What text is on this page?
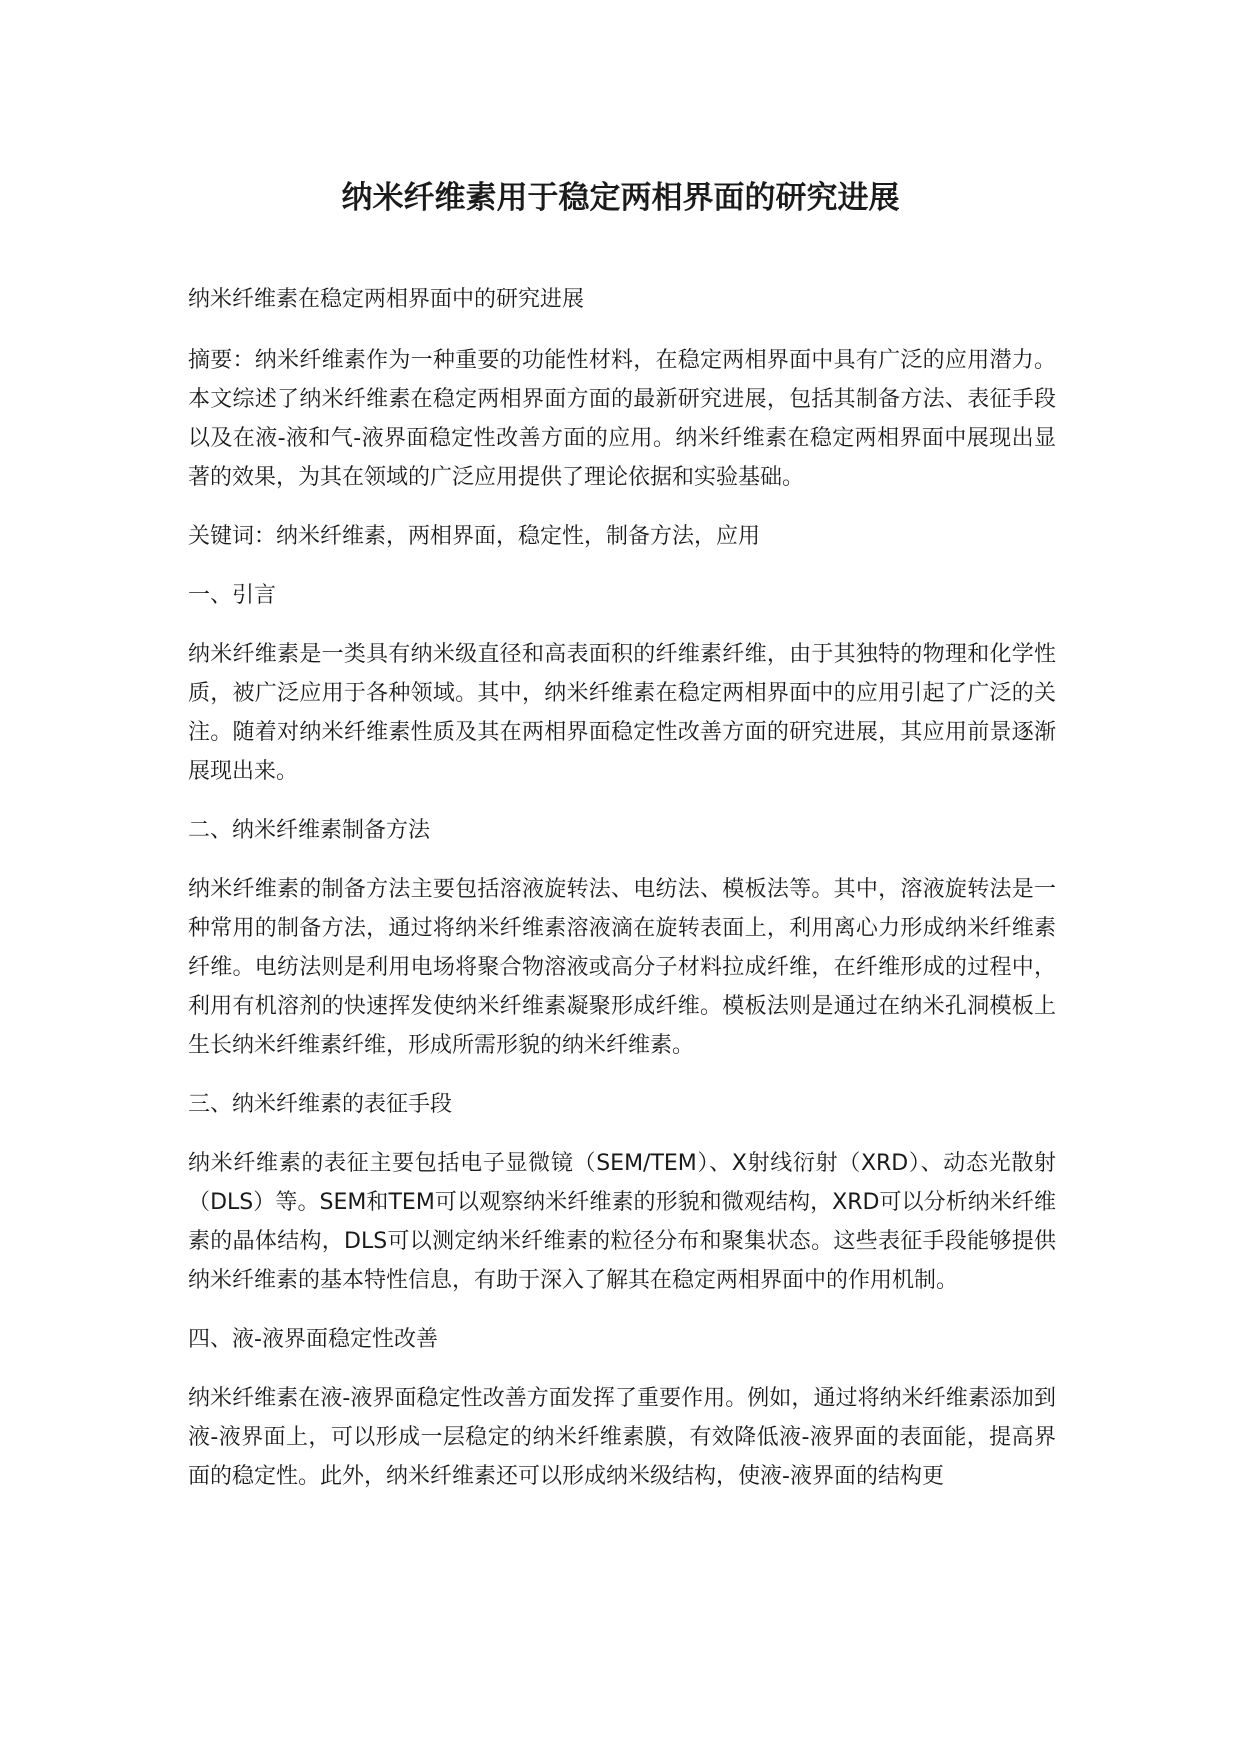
纳米纤维素用于稳定两相界面的研究进展

纳米纤维素在稳定两相界面中的研究进展

摘要：纳米纤维素作为一种重要的功能性材料，在稳定两相界面中具有广泛的应用潜力。本文综述了纳米纤维素在稳定两相界面方面的最新研究进展，包括其制备方法、表征手段以及在液-液和气-液界面稳定性改善方面的应用。纳米纤维素在稳定两相界面中展现出显著的效果，为其在领域的广泛应用提供了理论依据和实验基础。

关键词：纳米纤维素，两相界面，稳定性，制备方法，应用

一、引言

纳米纤维素是一类具有纳米级直径和高表面积的纤维素纤维，由于其独特的物理和化学性质，被广泛应用于各种领域。其中，纳米纤维素在稳定两相界面中的应用引起了广泛的关注。随着对纳米纤维素性质及其在两相界面稳定性改善方面的研究进展，其应用前景逐渐展现出来。

二、纳米纤维素制备方法

纳米纤维素的制备方法主要包括溶液旋转法、电纺法、模板法等。其中，溶液旋转法是一种常用的制备方法，通过将纳米纤维素溶液滴在旋转表面上，利用离心力形成纳米纤维素纤维。电纺法则是利用电场将聚合物溶液或高分子材料拉成纤维，在纤维形成的过程中，利用有机溶剂的快速挥发使纳米纤维素凝聚形成纤维。模板法则是通过在纳米孔洞模板上生长纳米纤维素纤维，形成所需形貌的纳米纤维素。

三、纳米纤维素的表征手段

纳米纤维素的表征主要包括电子显微镜（SEM/TEM）、X射线衍射（XRD）、动态光散射（DLS）等。SEM和TEM可以观察纳米纤维素的形貌和微观结构，XRD可以分析纳米纤维素的晶体结构，DLS可以测定纳米纤维素的粒径分布和聚集状态。这些表征手段能够提供纳米纤维素的基本特性信息，有助于深入了解其在稳定两相界面中的作用机制。

四、液-液界面稳定性改善

纳米纤维素在液-液界面稳定性改善方面发挥了重要作用。例如，通过将纳米纤维素添加到液-液界面上，可以形成一层稳定的纳米纤维素膜，有效降低液-液界面的表面能，提高界面的稳定性。此外，纳米纤维素还可以形成纳米级结构，使液-液界面的结构更
